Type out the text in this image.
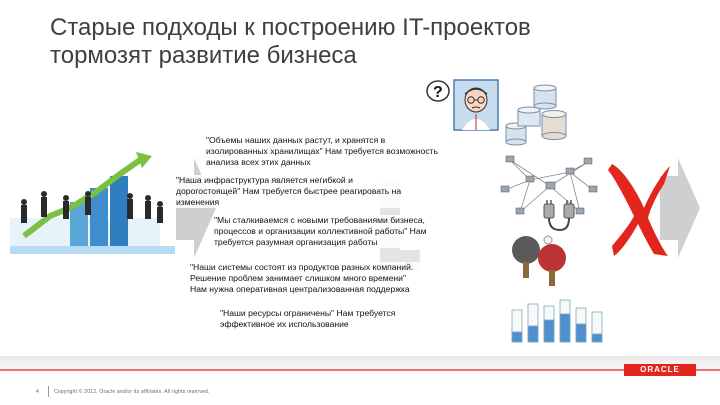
Старые подходы к построению IT-проектов
тормозят развитие бизнеса
?
"Объемы наших данных растут, и хранятся в
изолированных хранилищах" Нам требуется возможность
анализа всех этих данных
"Наша инфраструктура является негибкой и
дорогостоящей" Нам требуется быстрее реагировать на
изменения
"Мы сталкиваемся с новыми требованиями бизнеса,
процессов и организации коллективной работы" Нам
требуется разумная организация работы
"Наши системы состоят из продуктов разных компаний.
Решение проблем занимает слишком много времени"
Нам нужна оперативная централизованная поддержка
"Наши ресурсы ограничены" Нам требуется
эффективное их использование
ORACLE
4	Copyright © 2012, Oracle and/or its affiliates. All rights reserved.
